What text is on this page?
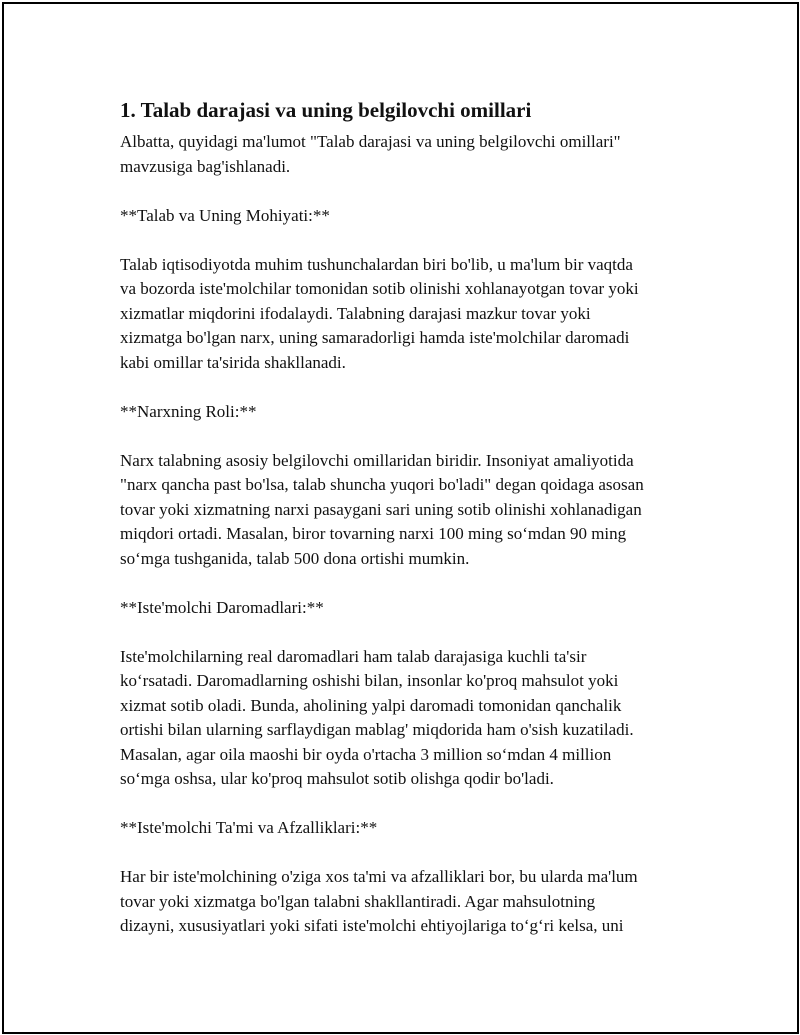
1. Talab darajasi va uning belgilovchi omillari

Albatta, quyidagi ma'lumot "Talab darajasi va uning belgilovchi omillari"
mavzusiga bag'ishlanadi.

**Talab va Uning Mohiyati:**

Talab iqtisodiyotda muhim tushunchalardan biri bo'lib, u ma'lum bir vaqtda
va bozorda iste'molchilar tomonidan sotib olinishi xohlanayotgan tovar yoki
xizmatlar miqdorini ifodalaydi. Talabning darajasi mazkur tovar yoki
xizmatga bo'lgan narx, uning samaradorligi hamda iste'molchilar daromadi
kabi omillar ta'sirida shakllanadi.

**Narxning Roli:**

Narx talabning asosiy belgilovchi omillaridan biridir. Insoniyat amaliyotida
"narx qancha past bo'lsa, talab shuncha yuqori bo'ladi" degan qoidaga asosan
tovar yoki xizmatning narxi pasaygani sari uning sotib olinishi xohlanadigan
miqdori ortadi. Masalan, biror tovarning narxi 100 ming so‘mdan 90 ming
so‘mga tushganida, talab 500 dona ortishi mumkin.

**Iste'molchi Daromadlari:**

Iste'molchilarning real daromadlari ham talab darajasiga kuchli ta'sir
ko‘rsatadi. Daromadlarning oshishi bilan, insonlar ko'proq mahsulot yoki
xizmat sotib oladi. Bunda, aholining yalpi daromadi tomonidan qanchalik
ortishi bilan ularning sarflaydigan mablag' miqdorida ham o'sish kuzatiladi.
Masalan, agar oila maoshi bir oyda o'rtacha 3 million so‘mdan 4 million
so‘mga oshsa, ular ko'proq mahsulot sotib olishga qodir bo'ladi.

**Iste'molchi Ta'mi va Afzalliklari:**

Har bir iste'molchining o'ziga xos ta'mi va afzalliklari bor, bu ularda ma'lum
tovar yoki xizmatga bo'lgan talabni shakllantiradi. Agar mahsulotning
dizayni, xususiyatlari yoki sifati iste'molchi ehtiyojlariga to‘g‘ri kelsa, uni
